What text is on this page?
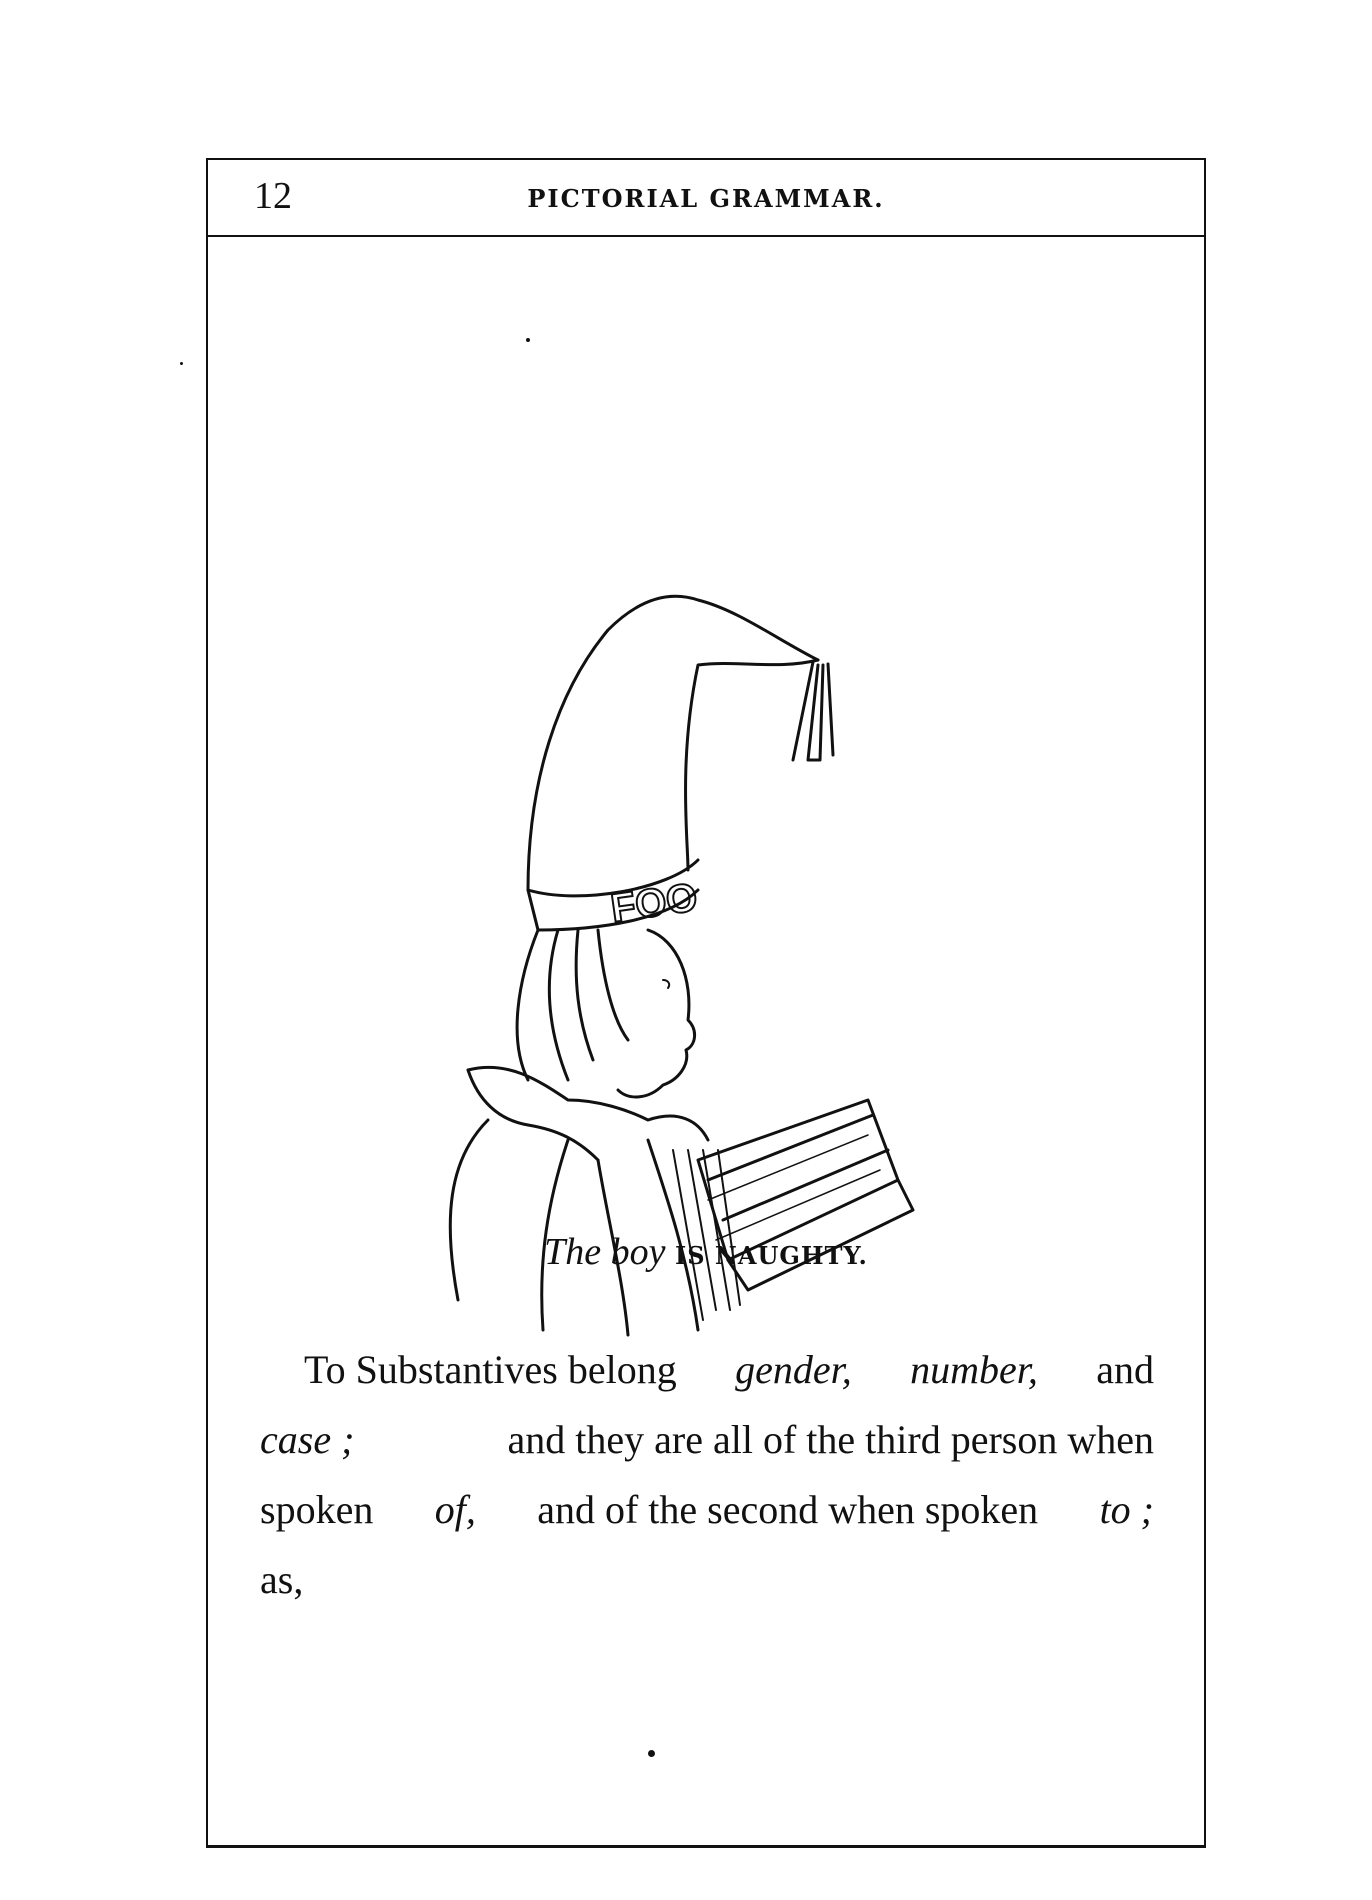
12	PICTORIAL GRAMMAR.
FOO
The boy IS NAUGHTY.
To Substantives belong gender, number, and
case ;	and they are all of the third person when
spoken of, and of the second when spoken to ;
as,
